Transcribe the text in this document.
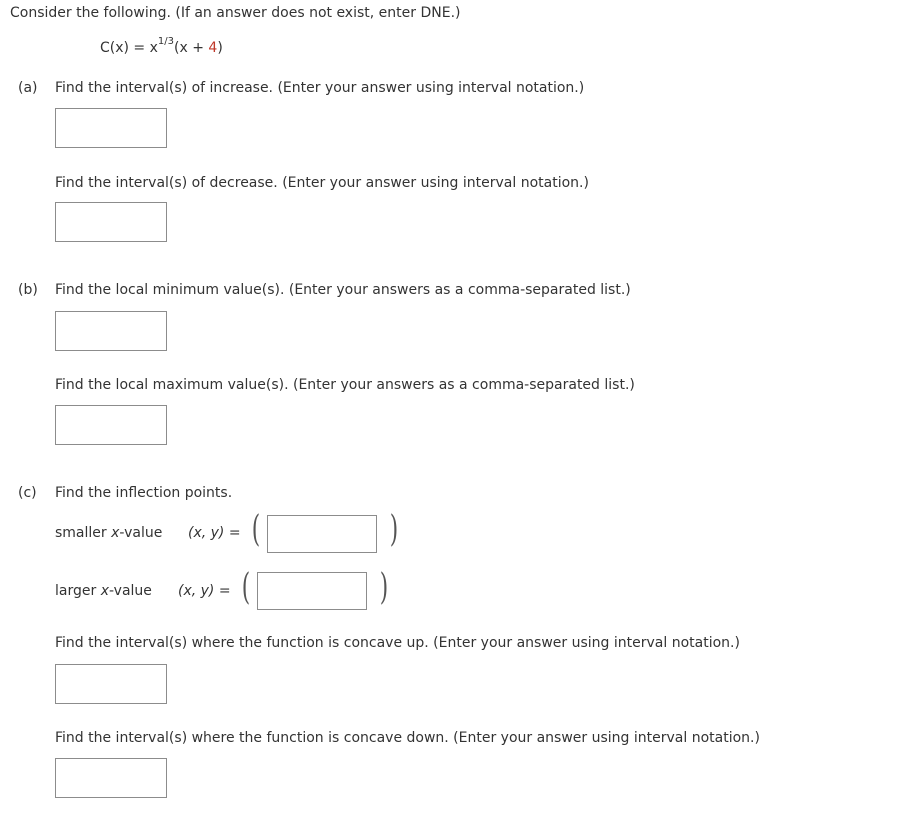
Consider the following. (If an answer does not exist, enter DNE.)
$C(x) = x^{1/3}(x + 4)$
(a) Find the interval(s) of increase. (Enter your answer using interval notation.)
Find the interval(s) of decrease. (Enter your answer using interval notation.)
(b) Find the local minimum value(s). (Enter your answers as a comma-separated list.)
Find the local maximum value(s). (Enter your answers as a comma-separated list.)
(c) Find the inflection points.
smaller x-value (x, y) = (	)
larger x-value (x, y) = (	)
Find the interval(s) where the function is concave up. (Enter your answer using interval notation.)
Find the interval(s) where the function is concave down. (Enter your answer using interval notation.)
